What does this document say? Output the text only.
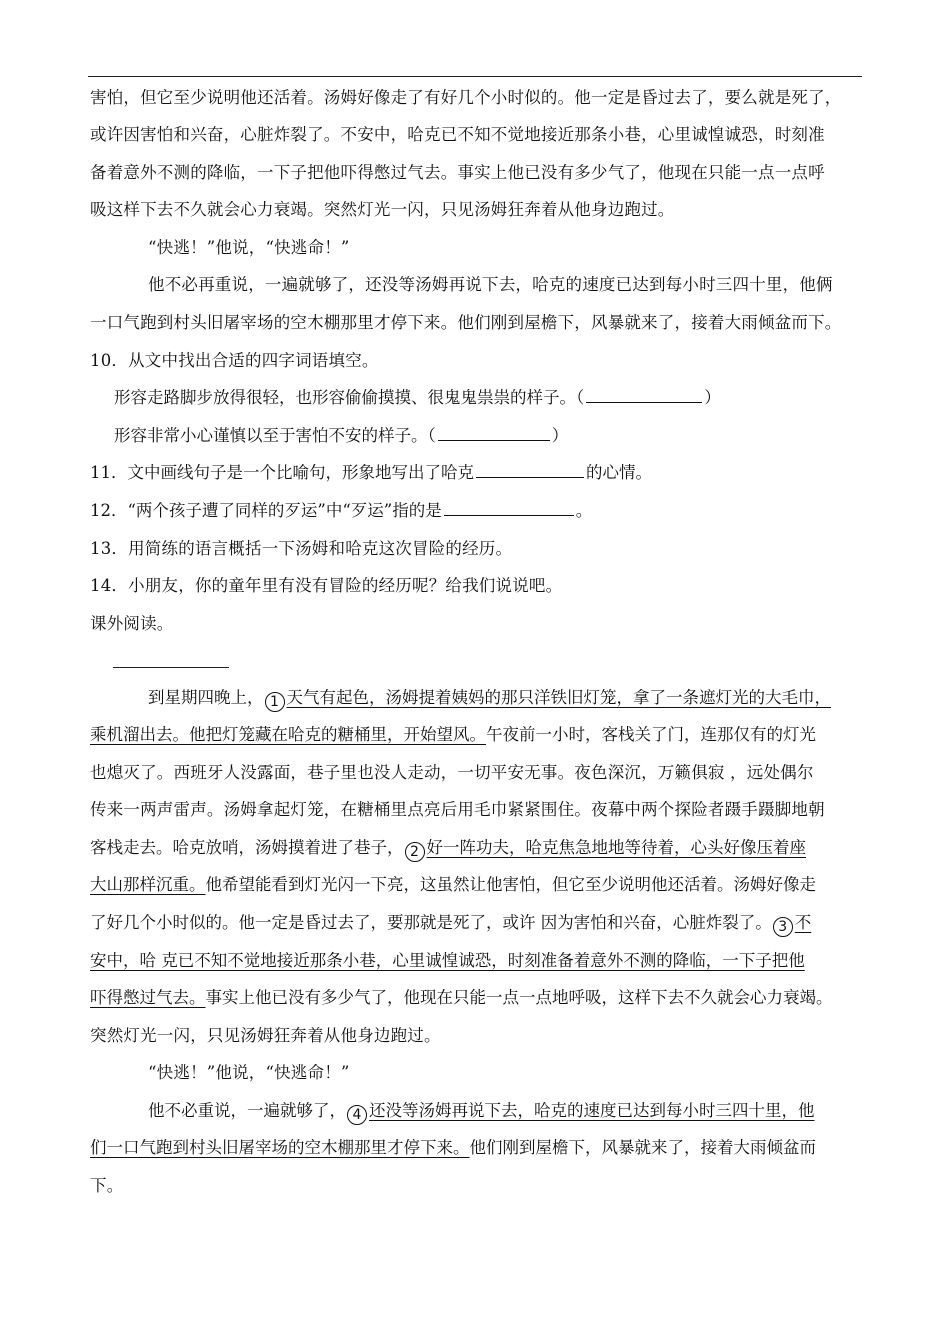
害怕，但它至少说明他还活着。汤姆好像走了有好几个小时似的。他一定是昏过去了，要么就是死了，
或许因害怕和兴奋，心脏炸裂了。不安中，哈克已不知不觉地接近那条小巷，心里诚惶诚恐，时刻准
备着意外不测的降临，一下子把他吓得憋过气去。事实上他已没有多少气了，他现在只能一点一点呼
吸这样下去不久就会心力衰竭。突然灯光一闪，只见汤姆狂奔着从他身边跑过。
“快逃！”他说，“快逃命！”
他不必再重说，一遍就够了，还没等汤姆再说下去，哈克的速度已达到每小时三四十里，他俩
一口气跑到村头旧屠宰场的空木棚那里才停下来。他们刚到屋檐下，风暴就来了，接着大雨倾盆而下。
10．从文中找出合适的四字词语填空。
形容走路脚步放得很轻，也形容偷偷摸摸、很鬼鬼祟祟的样子。（	）
形容非常小心谨慎以至于害怕不安的样子。（	）
11．文中画线句子是一个比喻句，形象地写出了哈克	的心情。
12．“两个孩子遭了同样的歹运”中“歹运”指的是	。
13．用简练的语言概括一下汤姆和哈克这次冒险的经历。
14．小朋友，你的童年里有没有冒险的经历呢？给我们说说吧。
课外阅读。
到星期四晚上， 1 天气有起色，汤姆提着姨妈的那只洋铁旧灯笼，拿了一条遮灯光的大毛巾，
乘机溜出去。他把灯笼藏在哈克的糖桶里，开始望风。午夜前一小时，客栈关了门，连那仅有的灯光
也熄灭了。西班牙人没露面，巷子里也没人走动，一切平安无事。夜色深沉，万籁俱寂 ，远处偶尔
传来一两声雷声。汤姆拿起灯笼，在糖桶里点亮后用毛巾紧紧围住。夜幕中两个探险者蹑手蹑脚地朝
客栈走去。哈克放哨，汤姆摸着进了巷子， 2 好一阵功夫，哈克焦急地地等待着，心头好像压着座
大山那样沉重。他希望能看到灯光闪一下亮，这虽然让他害怕，但它至少说明他还活着。汤姆好像走
了好几个小时似的。他一定是昏过去了，要那就是死了，或许 因为害怕和兴奋，心脏炸裂了。 3 不
安中，哈 克已不知不觉地接近那条小巷，心里诚惶诚恐，时刻准备着意外不测的降临，一下子把他
吓得憋过气去。事实上他已没有多少气了，他现在只能一点一点地呼吸，这样下去不久就会心力衰竭。
突然灯光一闪，只见汤姆狂奔着从他身边跑过。
“快逃！”他说，“快逃命！”
他不必重说，一遍就够了， 4 还没等汤姆再说下去，哈克的速度已达到每小时三四十里，他
们一口气跑到村头旧屠宰场的空木棚那里才停下来。他们刚到屋檐下，风暴就来了，接着大雨倾盆而
下。
